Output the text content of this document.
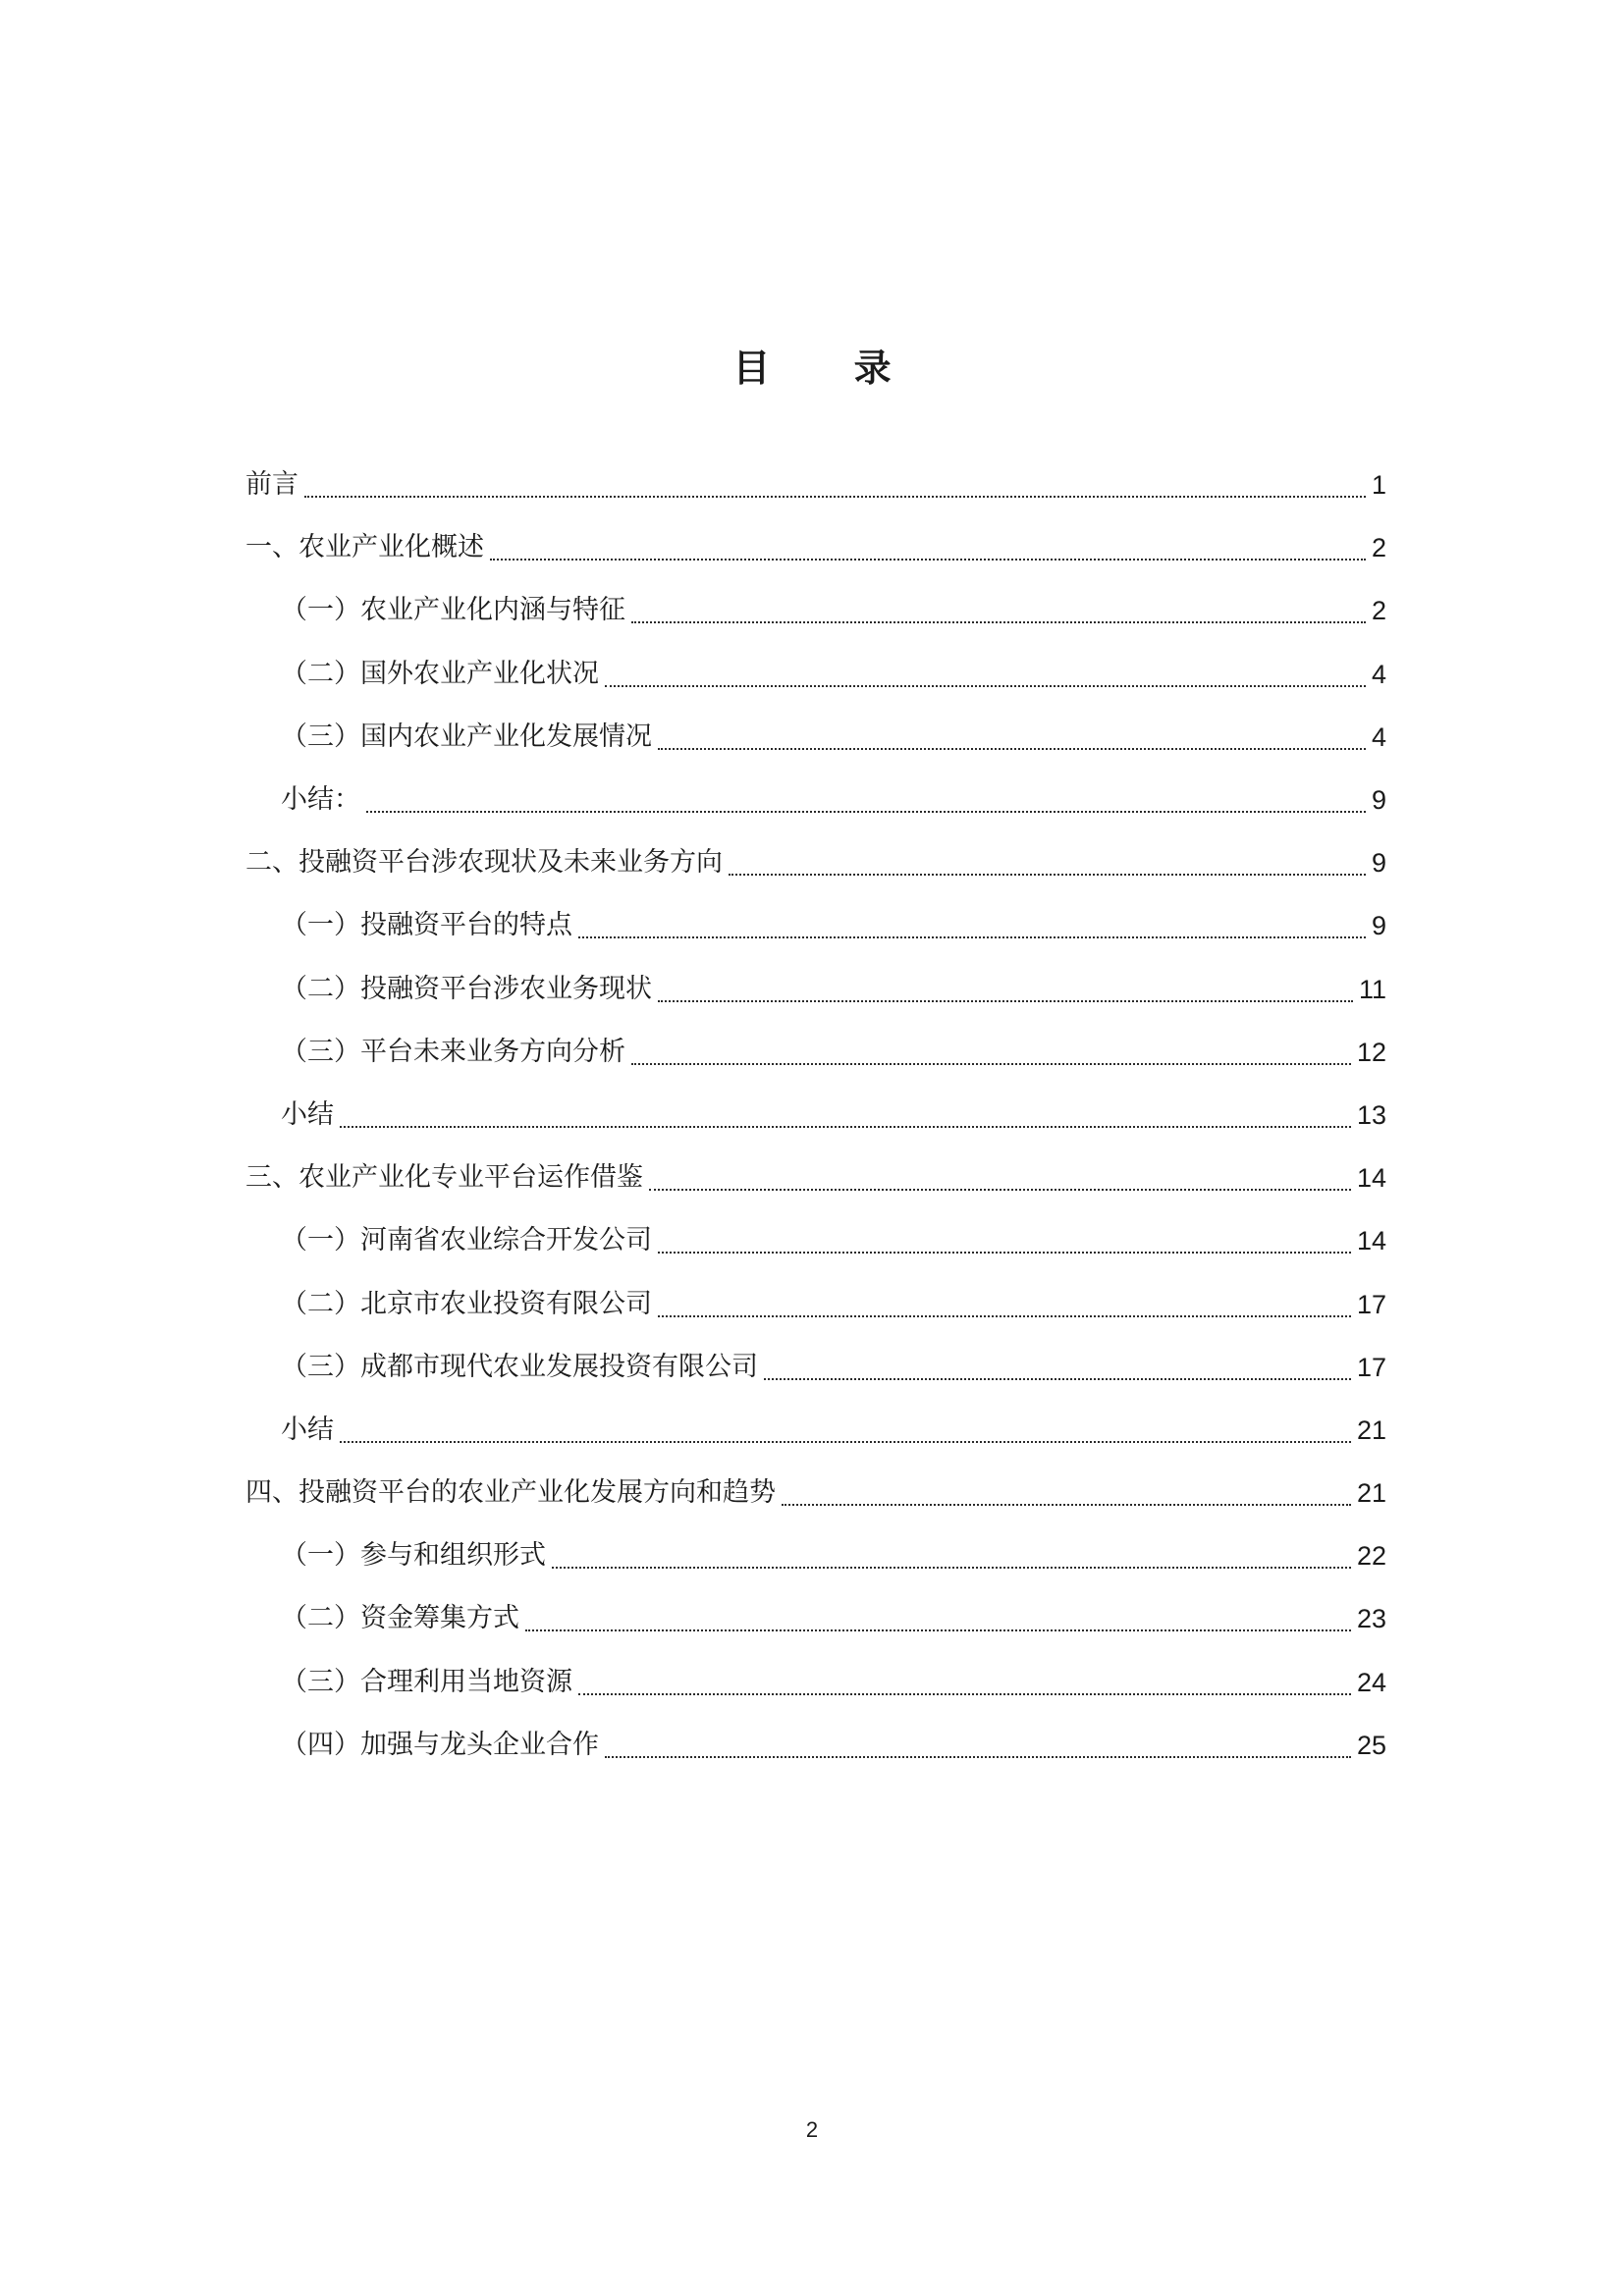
目 录
前言	1
一、农业产业化概述	2
（一）农业产业化内涵与特征	2
（二）国外农业产业化状况	4
（三）国内农业产业化发展情况	4
小结：	9
二、投融资平台涉农现状及未来业务方向	9
（一）投融资平台的特点	9
（二）投融资平台涉农业务现状	11
（三）平台未来业务方向分析	12
小结	13
三、农业产业化专业平台运作借鉴	14
（一）河南省农业综合开发公司	14
（二）北京市农业投资有限公司	17
（三）成都市现代农业发展投资有限公司	17
小结	21
四、投融资平台的农业产业化发展方向和趋势	21
（一）参与和组织形式	22
（二）资金筹集方式	23
（三）合理利用当地资源	24
（四）加强与龙头企业合作	25
2
